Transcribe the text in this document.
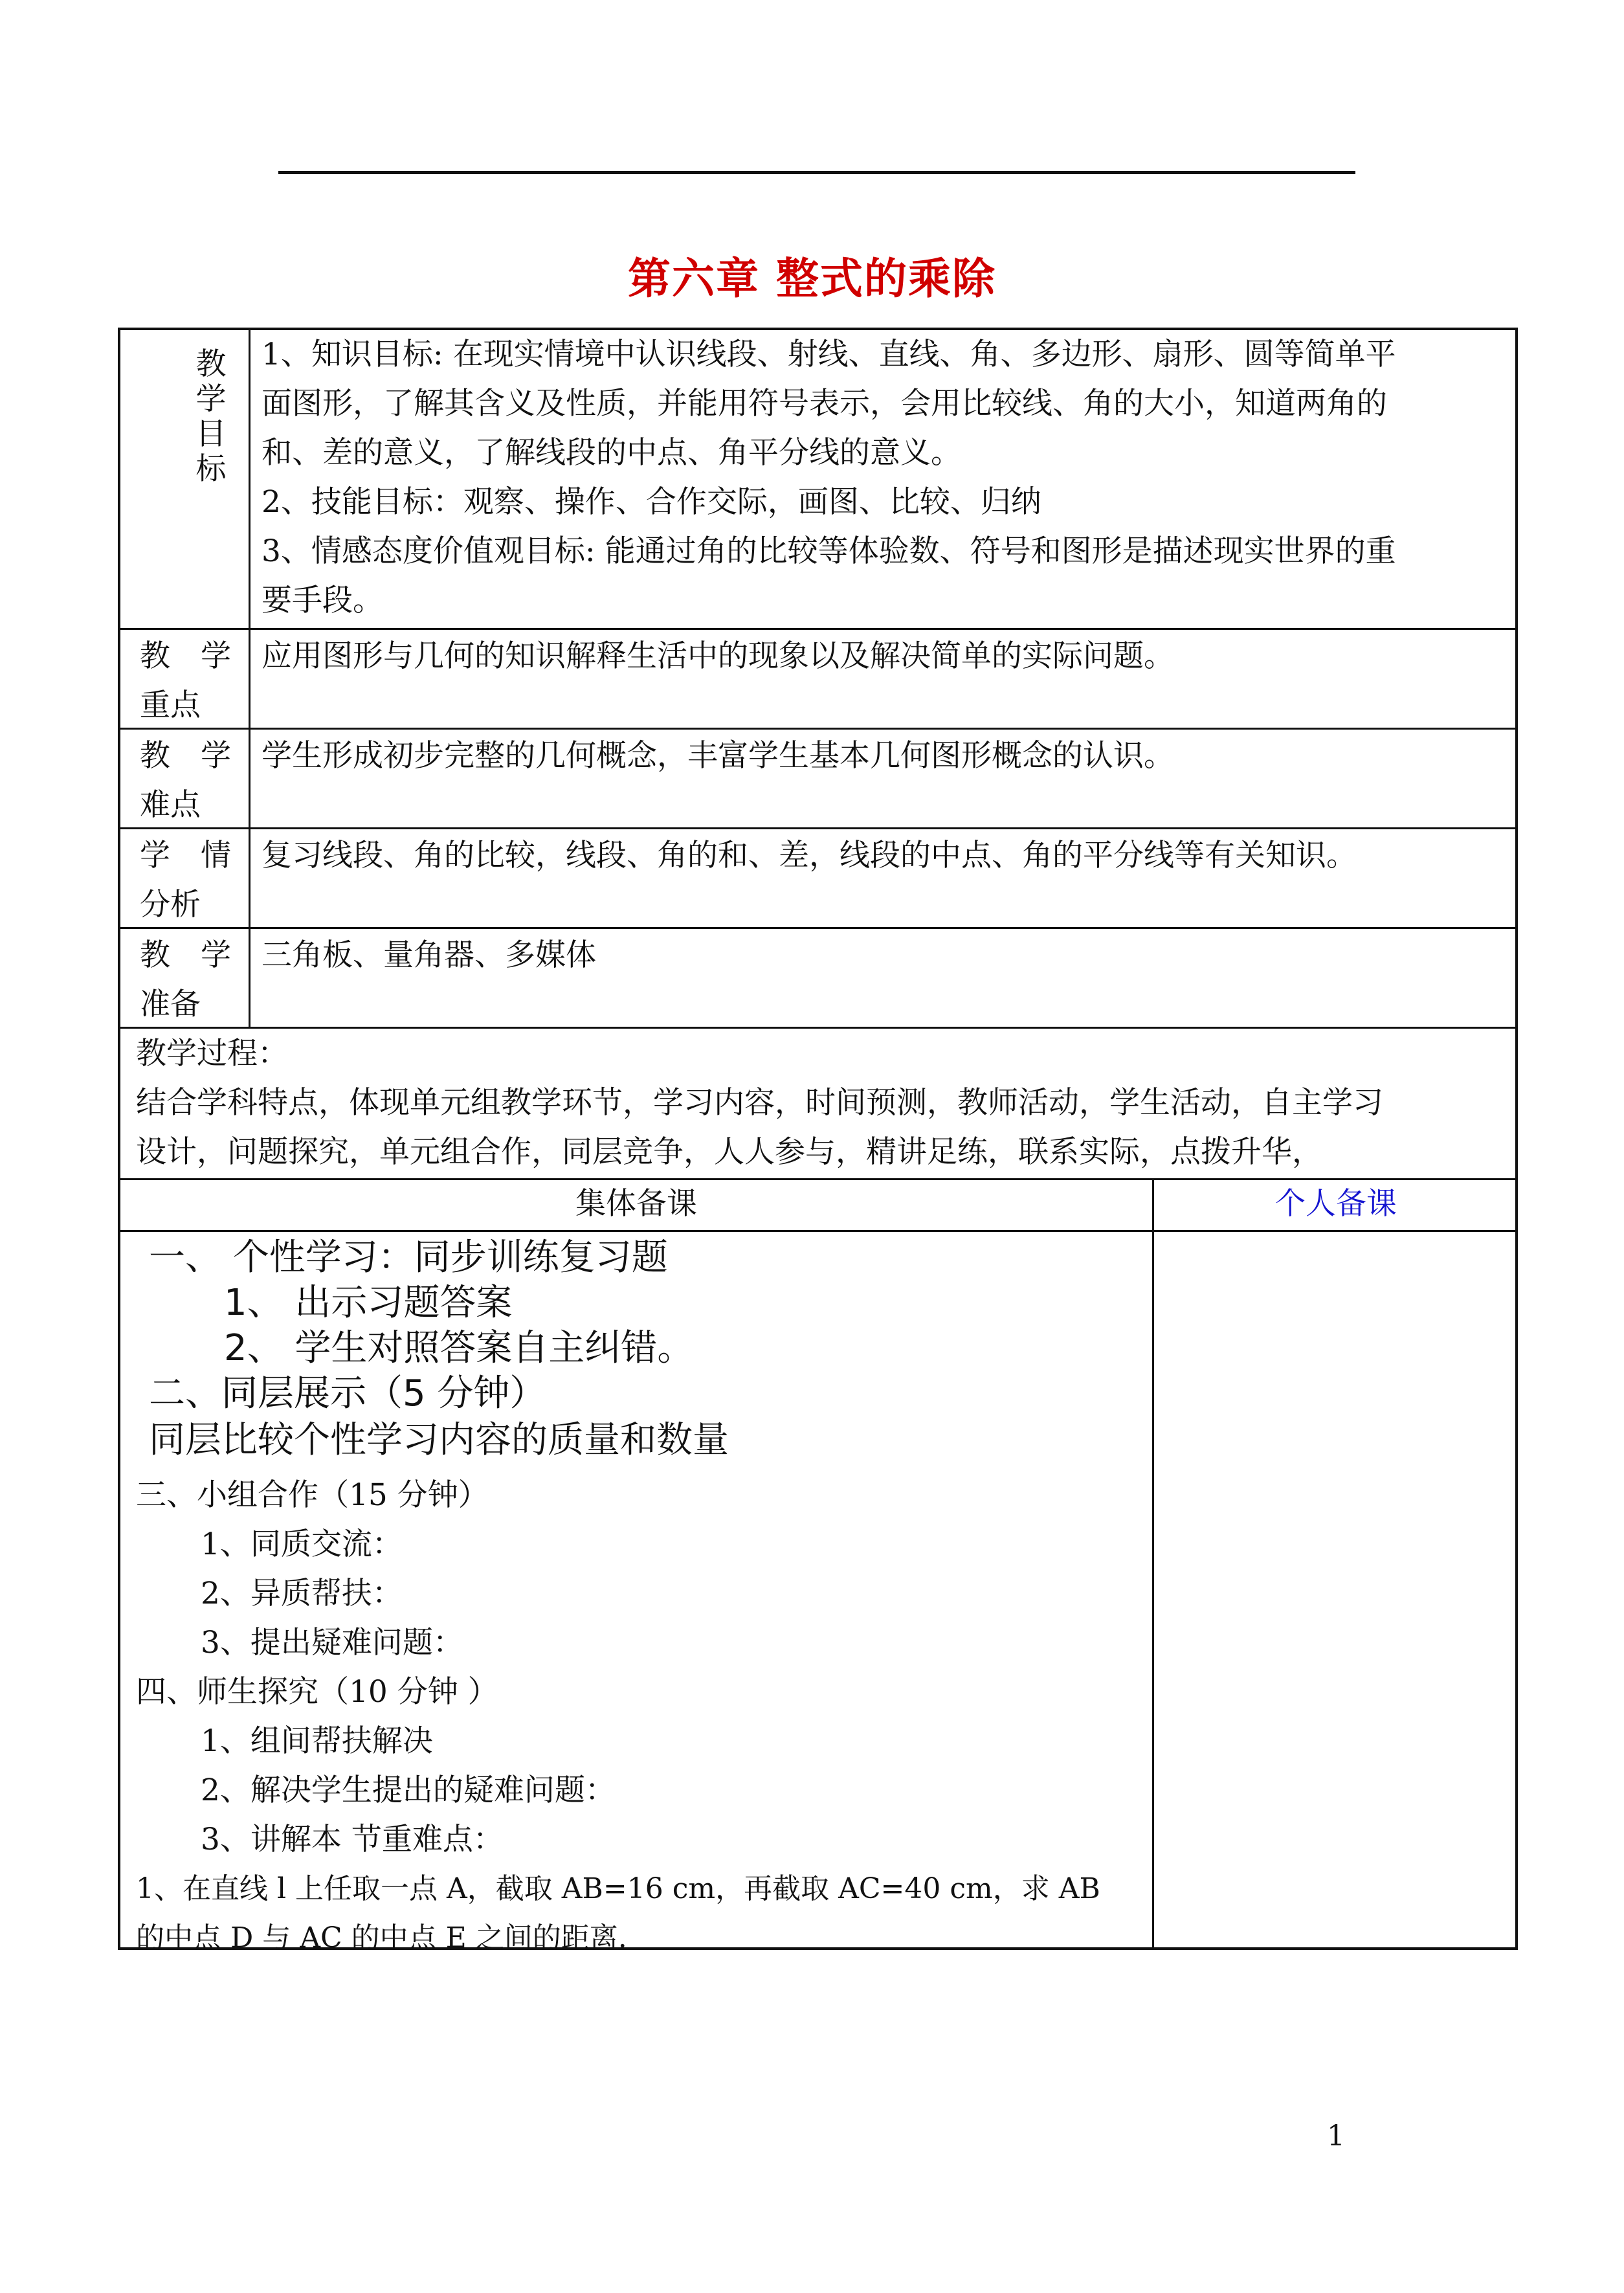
第六章 整式的乘除
教
学
目
标
1、知识目标: 在现实情境中认识线段、射线、直线、角、多边形、扇形、圆等简单平
面图形，了解其含义及性质，并能用符号表示，会用比较线、角的大小，知道两角的
和、差的意义，了解线段的中点、角平分线的意义。
2、技能目标：观察、操作、合作交际，画图、比较、归纳
3、情感态度价值观目标: 能通过角的比较等体验数、符号和图形是描述现实世界的重
要手段。
教　学
重点
应用图形与几何的知识解释生活中的现象以及解决简单的实际问题。
教　学
难点
学生形成初步完整的几何概念，丰富学生基本几何图形概念的认识。
学　情
分析
复习线段、角的比较，线段、角的和、差，线段的中点、角的平分线等有关知识。
教　学
准备
三角板、量角器、多媒体
教学过程：
结合学科特点，体现单元组教学环节，学习内容，时间预测，教师活动，学生活动，自主学习
设计，问题探究，单元组合作，同层竞争，人人参与，精讲足练，联系实际，点拨升华，
集体备课	个人备课
一、 个性学习：同步训练复习题
1、 出示习题答案
2、 学生对照答案自主纠错。
二、同层展示（5 分钟）
同层比较个性学习内容的质量和数量
三、小组合作（15 分钟）
1、同质交流：
2、异质帮扶：
3、提出疑难问题：
四、师生探究（10 分钟 ）
1、组间帮扶解决
2、解决学生提出的疑难问题：
3、讲解本 节重难点：
1、在直线 l 上任取一点 A，截取 AB=16 cm，再截取 AC=40 cm，求 AB
的中点 D 与 AC 的中点 E 之间的距离.
1
